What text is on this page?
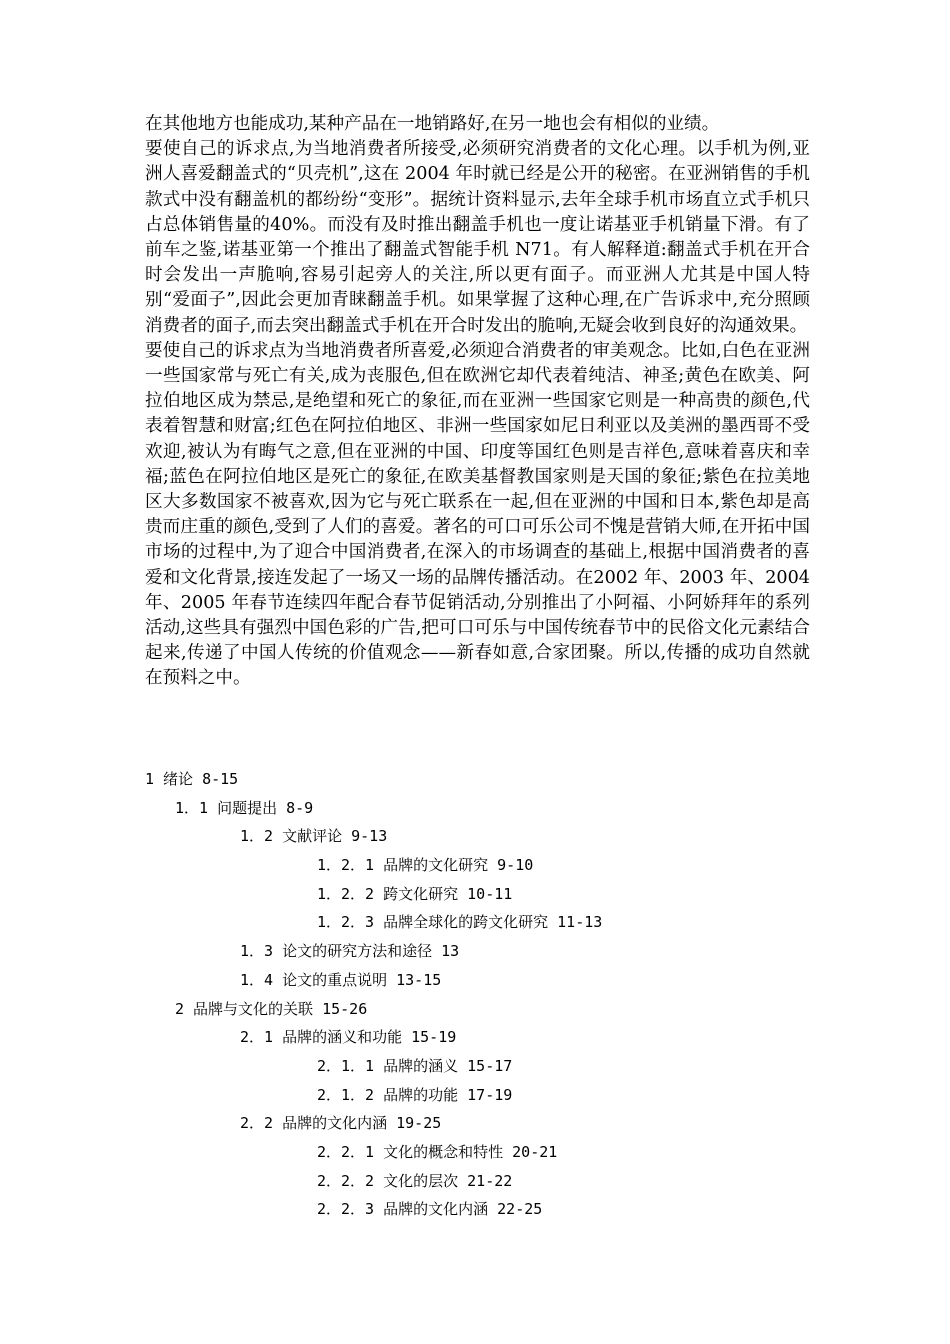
在其他地方也能成功,某种产品在一地销路好,在另一地也会有相似的业绩。

要使自己的诉求点,为当地消费者所接受,必须研究消费者的文化心理。以手机为例,亚洲人喜爱翻盖式的“贝壳机”,这在 2004 年时就已经是公开的秘密。在亚洲销售的手机款式中没有翻盖机的都纷纷“变形”。据统计资料显示,去年全球手机市场直立式手机只占总体销售量的40%。而没有及时推出翻盖手机也一度让诺基亚手机销量下滑。有了前车之鉴,诺基亚第一个推出了翻盖式智能手机 N71。有人解释道:翻盖式手机在开合时会发出一声脆响,容易引起旁人的关注,所以更有面子。而亚洲人尤其是中国人特别“爱面子”,因此会更加青睐翻盖手机。如果掌握了这种心理,在广告诉求中,充分照顾消费者的面子,而去突出翻盖式手机在开合时发出的脆响,无疑会收到良好的沟通效果。

要使自己的诉求点为当地消费者所喜爱,必须迎合消费者的审美观念。比如,白色在亚洲一些国家常与死亡有关,成为丧服色,但在欧洲它却代表着纯洁、神圣;黄色在欧美、阿拉伯地区成为禁忌,是绝望和死亡的象征,而在亚洲一些国家它则是一种高贵的颜色,代表着智慧和财富;红色在阿拉伯地区、非洲一些国家如尼日利亚以及美洲的墨西哥不受欢迎,被认为有晦气之意,但在亚洲的中国、印度等国红色则是吉祥色,意味着喜庆和幸福;蓝色在阿拉伯地区是死亡的象征,在欧美基督教国家则是天国的象征;紫色在拉美地区大多数国家不被喜欢,因为它与死亡联系在一起,但在亚洲的中国和日本,紫色却是高贵而庄重的颜色,受到了人们的喜爱。著名的可口可乐公司不愧是营销大师,在开拓中国市场的过程中,为了迎合中国消费者,在深入的市场调查的基础上,根据中国消费者的喜爱和文化背景,接连发起了一场又一场的品牌传播活动。在2002 年、2003 年、2004 年、2005 年春节连续四年配合春节促销活动,分别推出了小阿福、小阿娇拜年的系列活动,这些具有强烈中国色彩的广告,把可口可乐与中国传统春节中的民俗文化元素结合起来,传递了中国人传统的价值观念——新春如意,合家团聚。所以,传播的成功自然就在预料之中。

1 绪论 8-15
1．1 问题提出 8-9
1．2 文献评论 9-13
1．2．1 品牌的文化研究 9-10
1．2．2 跨文化研究 10-11
1．2．3 品牌全球化的跨文化研究 11-13
1．3 论文的研究方法和途径 13
1．4 论文的重点说明 13-15
2 品牌与文化的关联 15-26
2．1 品牌的涵义和功能 15-19
2．1．1 品牌的涵义 15-17
2．1．2 品牌的功能 17-19
2．2 品牌的文化内涵 19-25
2．2．1 文化的概念和特性 20-21
2．2．2 文化的层次 21-22
2．2．3 品牌的文化内涵 22-25
